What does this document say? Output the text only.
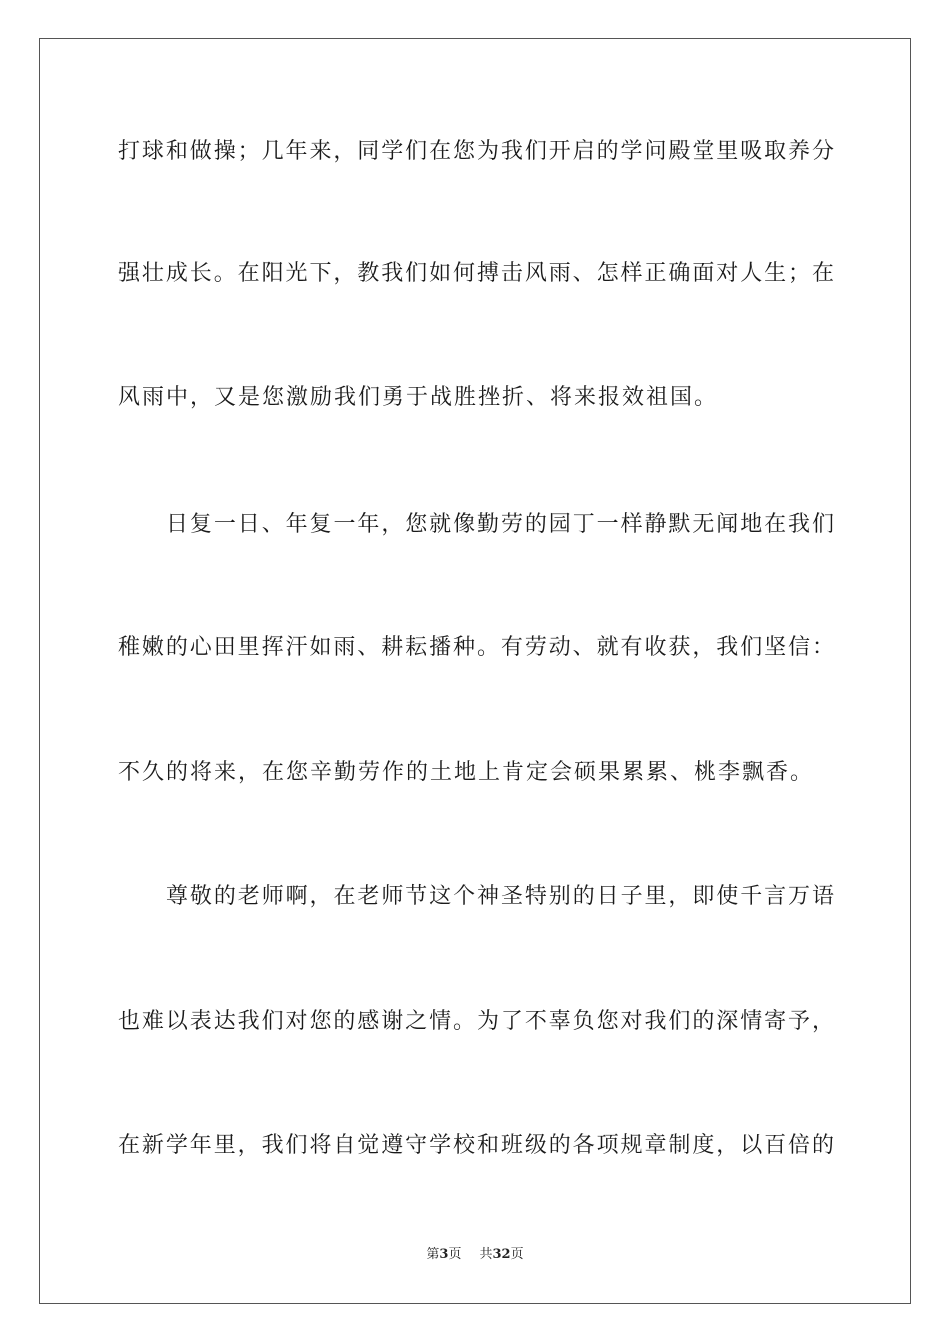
打球和做操；几年来，同学们在您为我们开启的学问殿堂里吸取养分
强壮成长。在阳光下，教我们如何搏击风雨、怎样正确面对人生；在
风雨中，又是您激励我们勇于战胜挫折、将来报效祖国。
日复一日、年复一年，您就像勤劳的园丁一样静默无闻地在我们
稚嫩的心田里挥汗如雨、耕耘播种。有劳动、就有收获，我们坚信：
不久的将来，在您辛勤劳作的土地上肯定会硕果累累、桃李飘香。
尊敬的老师啊，在老师节这个神圣特别的日子里，即使千言万语
也难以表达我们对您的感谢之情。为了不辜负您对我们的深情寄予，
在新学年里，我们将自觉遵守学校和班级的各项规章制度，以百倍的
第3页 共32页
